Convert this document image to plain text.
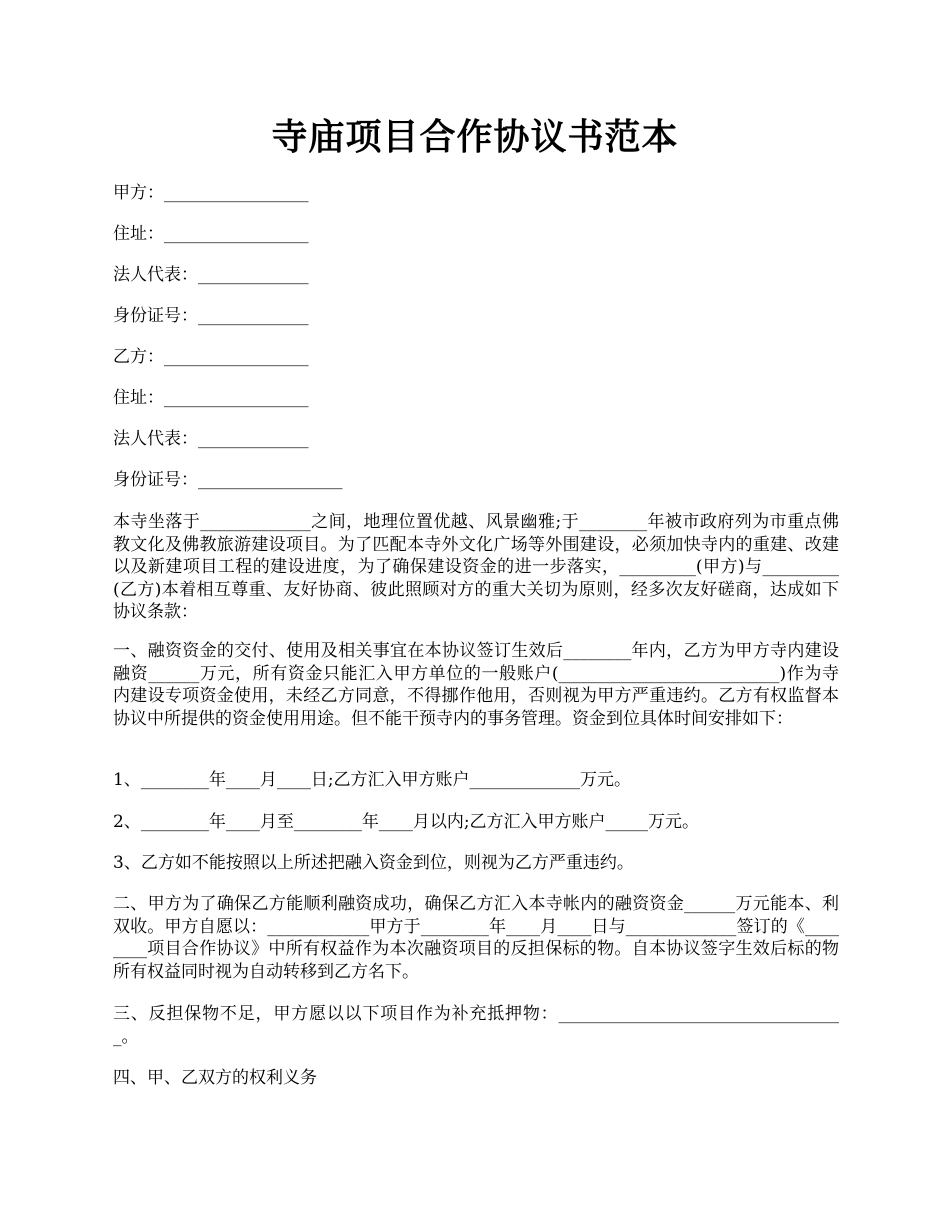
寺庙项目合作协议书范本
甲方：_________________
住址：_________________
法人代表：_____________
身份证号：_____________
乙方：_________________
住址：_________________
法人代表：_____________
身份证号：_________________
本寺坐落于_____________之间，地理位置优越、风景幽雅;于________年被市政府列为市重点佛教文化及佛教旅游建设项目。为了匹配本寺外文化广场等外围建设，必须加快寺内的重建、改建以及新建项目工程的建设进度，为了确保建设资金的进一步落实，_________(甲方)与_________(乙方)本着相互尊重、友好协商、彼此照顾对方的重大关切为原则，经多次友好磋商，达成如下协议条款：
一、融资资金的交付、使用及相关事宜在本协议签订生效后________年内，乙方为甲方寺内建设融资______万元，所有资金只能汇入甲方单位的一般账户(__________________________)作为寺内建设专项资金使用，未经乙方同意，不得挪作他用，否则视为甲方严重违约。乙方有权监督本协议中所提供的资金使用用途。但不能干预寺内的事务管理。资金到位具体时间安排如下：
1、________年____月____日;乙方汇入甲方账户_____________万元。
2、________年____月至________年____月以内;乙方汇入甲方账户_____万元。
3、乙方如不能按照以上所述把融入资金到位，则视为乙方严重违约。
二、甲方为了确保乙方能顺利融资成功，确保乙方汇入本寺帐内的融资资金______万元能本、利双收。甲方自愿以：____________甲方于________年____月____日与_____________签订的《________项目合作协议》中所有权益作为本次融资项目的反担保标的物。自本协议签字生效后标的物所有权益同时视为自动转移到乙方名下。
三、反担保物不足，甲方愿以以下项目作为补充抵押物：__________________________________。
四、甲、乙双方的权利义务
